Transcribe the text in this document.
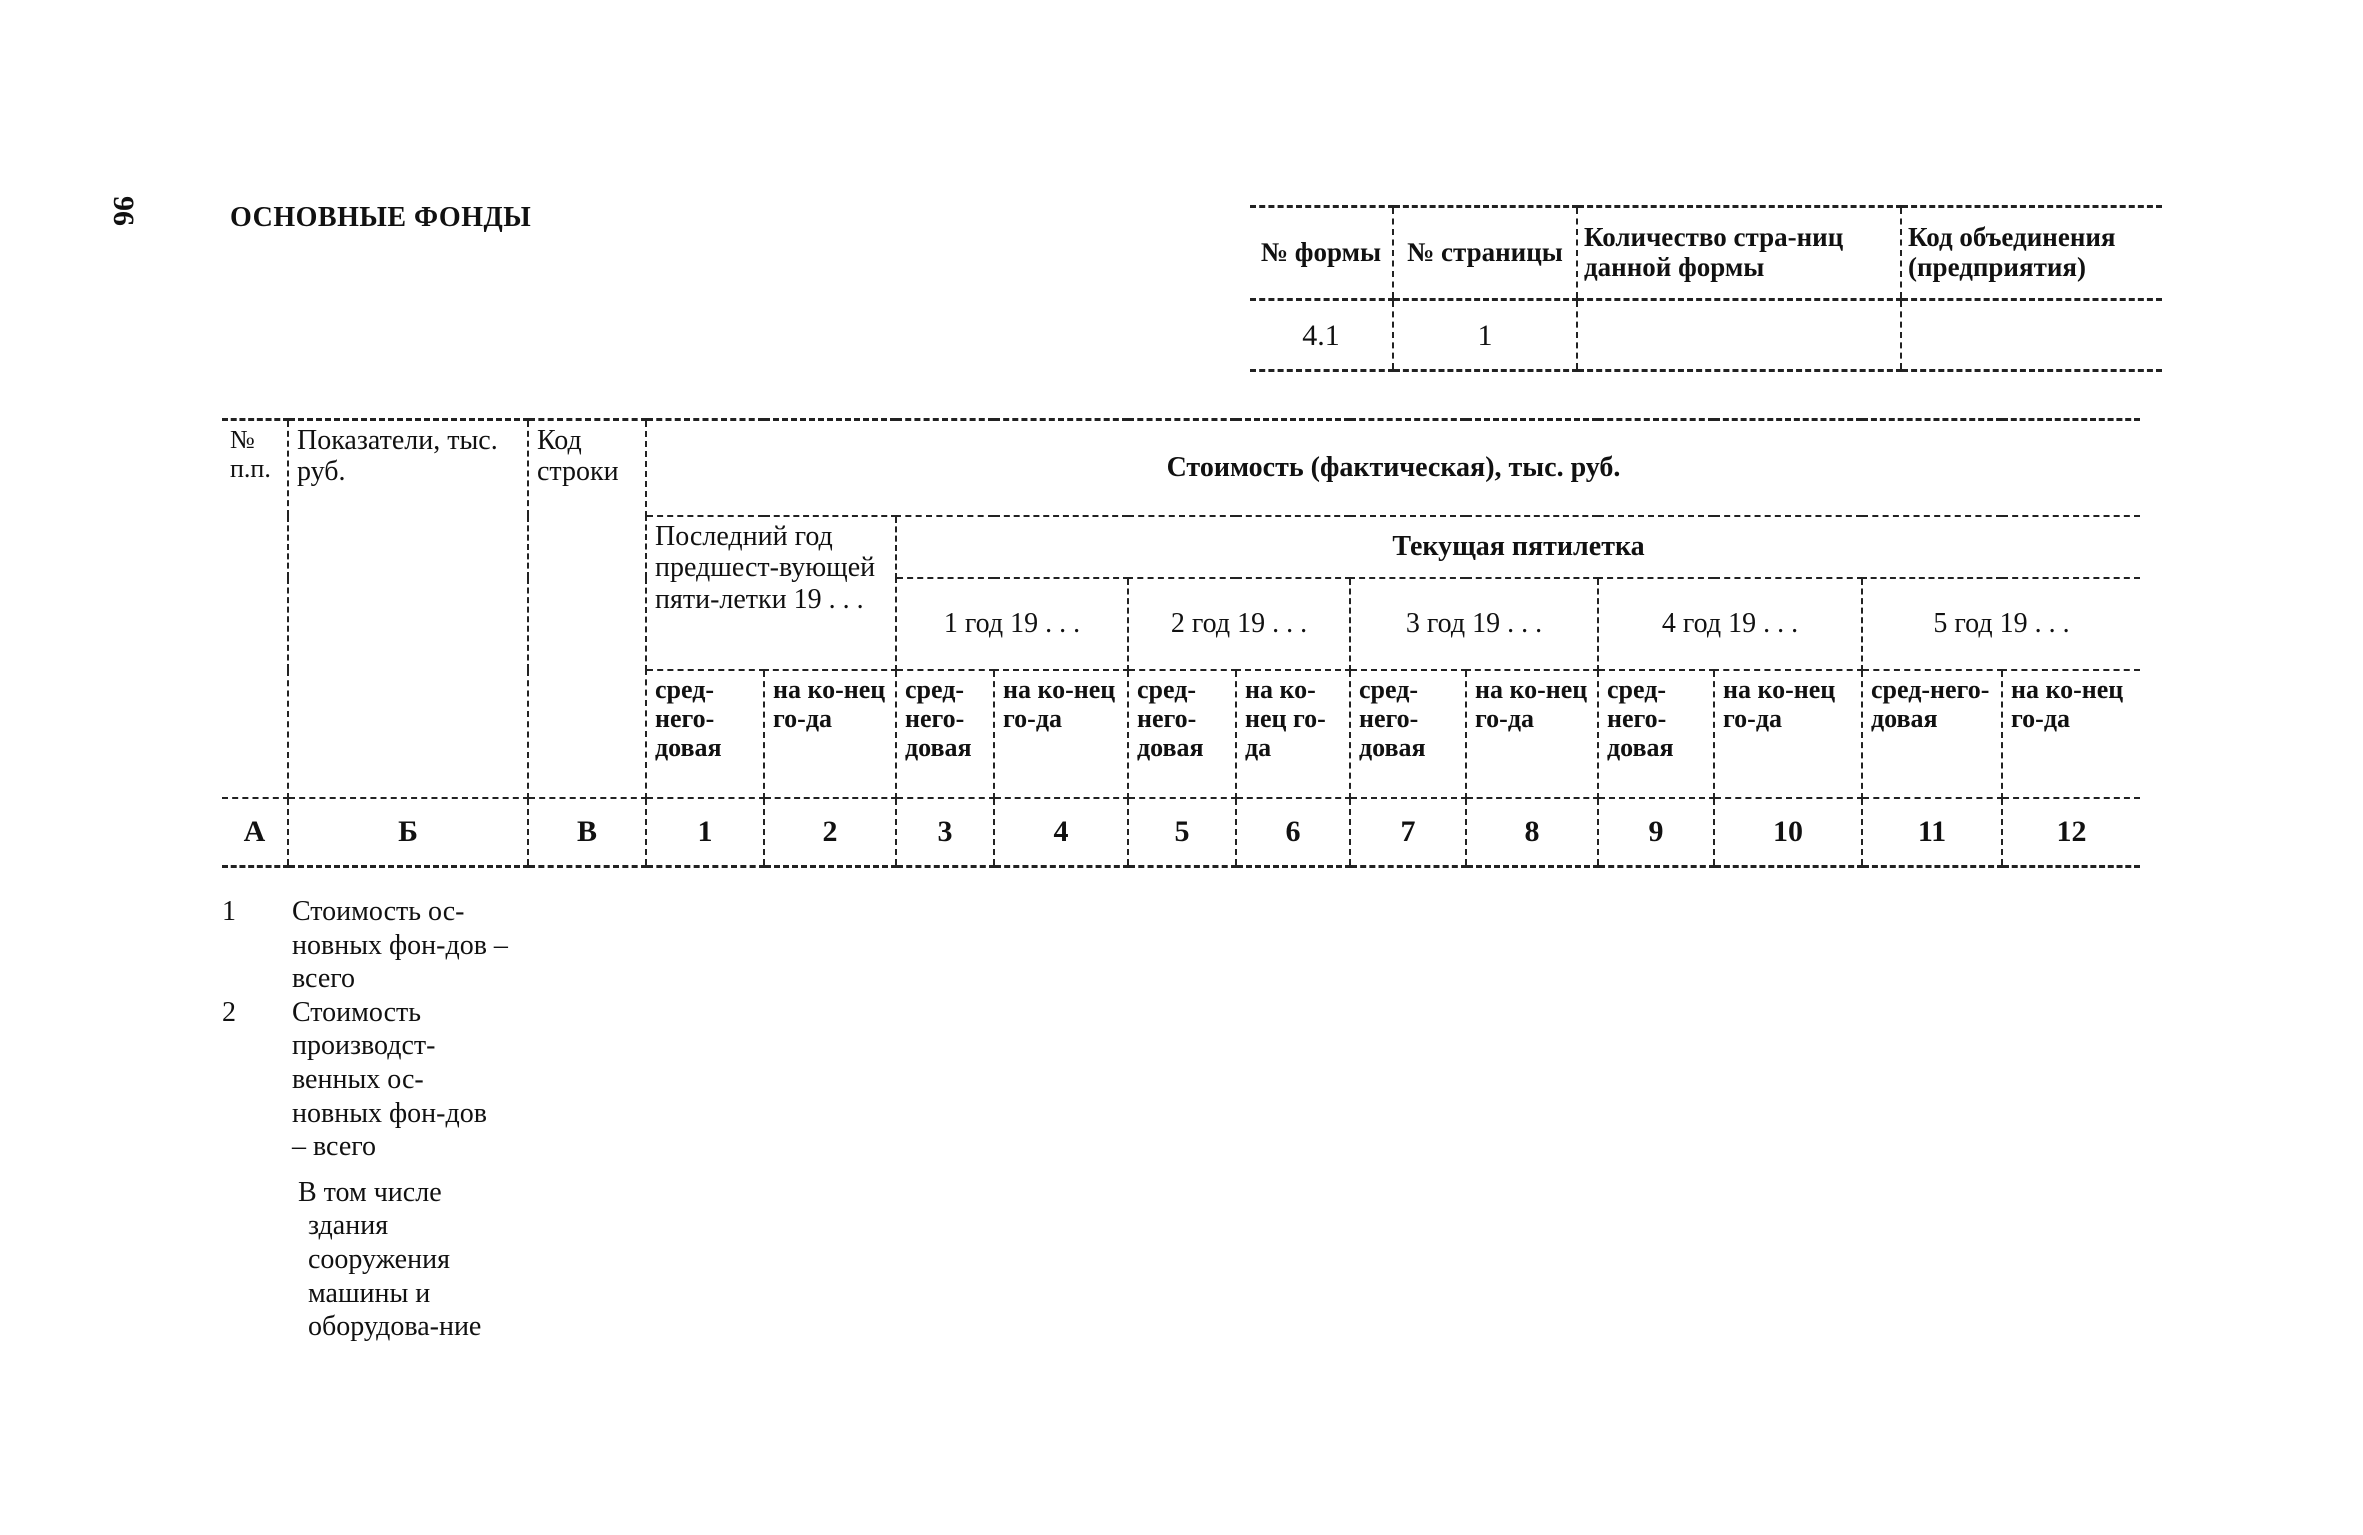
96	ОСНОВНЫЕ ФОНДЫ
№ формы	№ страницы	Количество стра-ниц данной формы	Код объединения (предприятия)
4.1	1		
№ п.п.	Показатели, тыс. руб.	Код строки	Стоимость (фактическая), тыс. руб.											
			Последний год предшест-вующей пяти-летки 19 . . .		Текущая пятилетка									
					1 год 19 . . .		2 год 19 . . .		3 год 19 . . .		4 год 19 . . .		5 год 19 . . .	
			сред-него-довая	на ко-нец го-да	сред-него-довая	на ко-нец го-да	сред-него-довая	на ко-нец го-да	сред-него-довая	на ко-нец го-да	сред-него-довая	на ко-нец го-да	сред-него-довая	на ко-нец го-да
А	Б	В	1	2	3	4	5	6	7	8	9	10	11	12
1	Стоимость ос-новных фон-дов – всего
2	Стоимость производст-венных ос-новных фон-дов – всего
В том числе
здания
сооружения
машины и оборудова-ние
